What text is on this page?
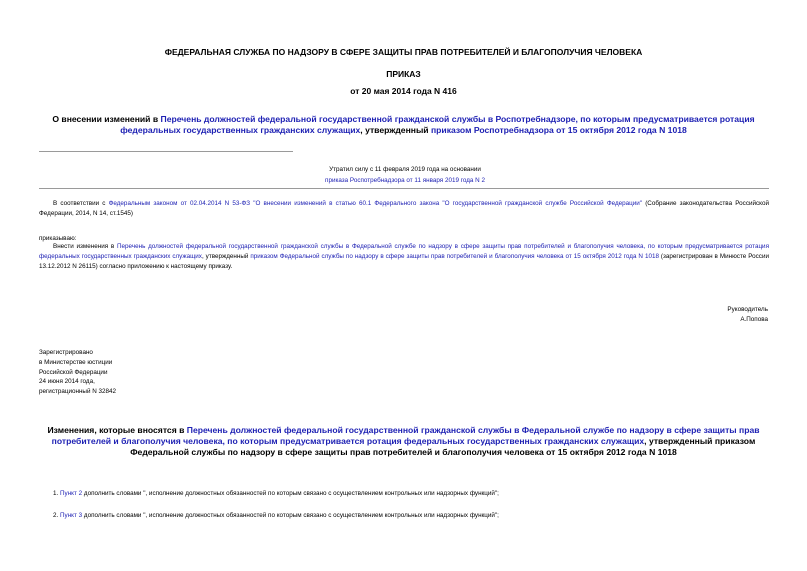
ФЕДЕРАЛЬНАЯ СЛУЖБА ПО НАДЗОРУ В СФЕРЕ ЗАЩИТЫ ПРАВ ПОТРЕБИТЕЛЕЙ И БЛАГОПОЛУЧИЯ ЧЕЛОВЕКА
ПРИКАЗ
от 20 мая 2014 года N 416
О внесении изменений в Перечень должностей федеральной государственной гражданской службы в Роспотребнадзоре, по которым предусматривается ротация федеральных государственных гражданских служащих, утвержденный приказом Роспотребнадзора от 15 октября 2012 года N 1018
Утратил силу с 11 февраля 2019 года на основании
приказа Роспотребнадзора от 11 января 2019 года N 2
В соответствии с Федеральным законом от 02.04.2014 N 53-ФЗ "О внесении изменений в статью 60.1 Федерального закона "О государственной гражданской службе Российской Федерации" (Собрание законодательства Российской Федерации, 2014, N 14, ст.1545)
приказываю:
Внести изменения в Перечень должностей федеральной государственной гражданской службы в Федеральной службе по надзору в сфере защиты прав потребителей и благополучия человека, по которым предусматривается ротация федеральных государственных гражданских служащих, утвержденный приказом Федеральной службы по надзору в сфере защиты прав потребителей и благополучия человека от 15 октября 2012 года N 1018 (зарегистрирован в Минюсте России 13.12.2012 N 26115) согласно приложению к настоящему приказу.
Руководитель
А.Попова
Зарегистрировано
в Министерстве юстиции
Российской Федерации
24 июня 2014 года,
регистрационный N 32842
Изменения, которые вносятся в Перечень должностей федеральной государственной гражданской службы в Федеральной службе по надзору в сфере защиты прав потребителей и благополучия человека, по которым предусматривается ротация федеральных государственных гражданских служащих, утвержденный приказом Федеральной службы по надзору в сфере защиты прав потребителей и благополучия человека от 15 октября 2012 года N 1018
1. Пункт 2 дополнить словами ", исполнение должностных обязанностей по которым связано с осуществлением контрольных или надзорных функций";
2. Пункт 3 дополнить словами ", исполнение должностных обязанностей по которым связано с осуществлением контрольных или надзорных функций";
